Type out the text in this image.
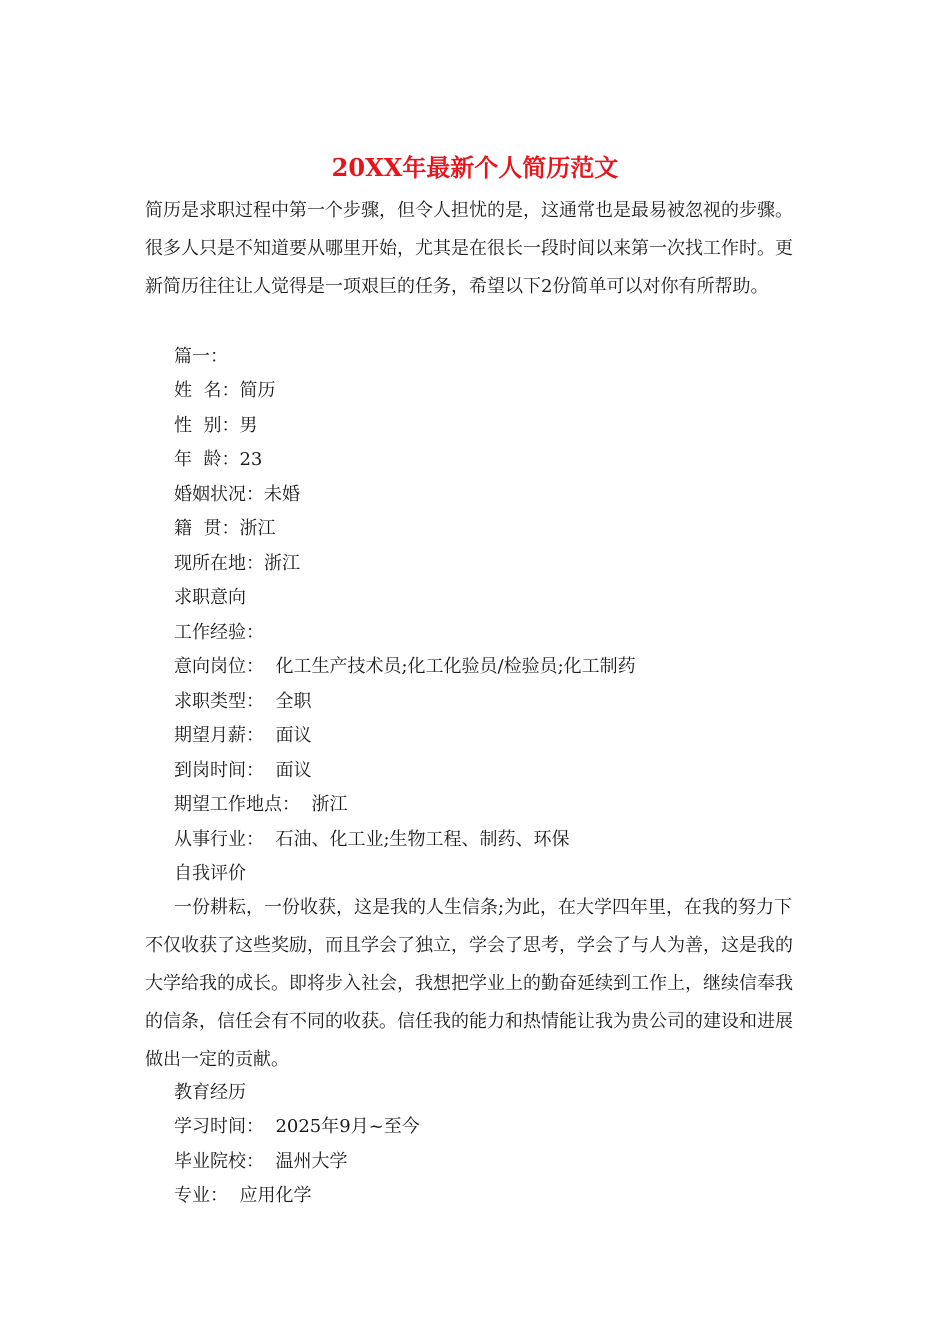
20XX年最新个人简历范文

简历是求职过程中第一个步骤，但令人担忧的是，这通常也是最易被忽视的步骤。很多人只是不知道要从哪里开始，尤其是在很长一段时间以来第一次找工作时。更新简历往往让人觉得是一项艰巨的任务，希望以下2份简单可以对你有所帮助。

篇一：

姓  名：简历

性  别：男

年  龄：23

婚姻状况：未婚

籍  贯：浙江

现所在地：浙江

求职意向

工作经验：

意向岗位：  化工生产技术员;化工化验员/检验员;化工制药

求职类型：  全职

期望月薪：  面议

到岗时间：  面议

期望工作地点：  浙江

从事行业：  石油、化工业;生物工程、制药、环保

自我评价

一份耕耘，一份收获，这是我的人生信条;为此，在大学四年里，在我的努力下不仅收获了这些奖励，而且学会了独立，学会了思考，学会了与人为善，这是我的大学给我的成长。即将步入社会，我想把学业上的勤奋延续到工作上，继续信奉我的信条，信任会有不同的收获。信任我的能力和热情能让我为贵公司的建设和进展做出一定的贡献。

教育经历

学习时间：  2025年9月~至今

毕业院校：  温州大学

专业：  应用化学
